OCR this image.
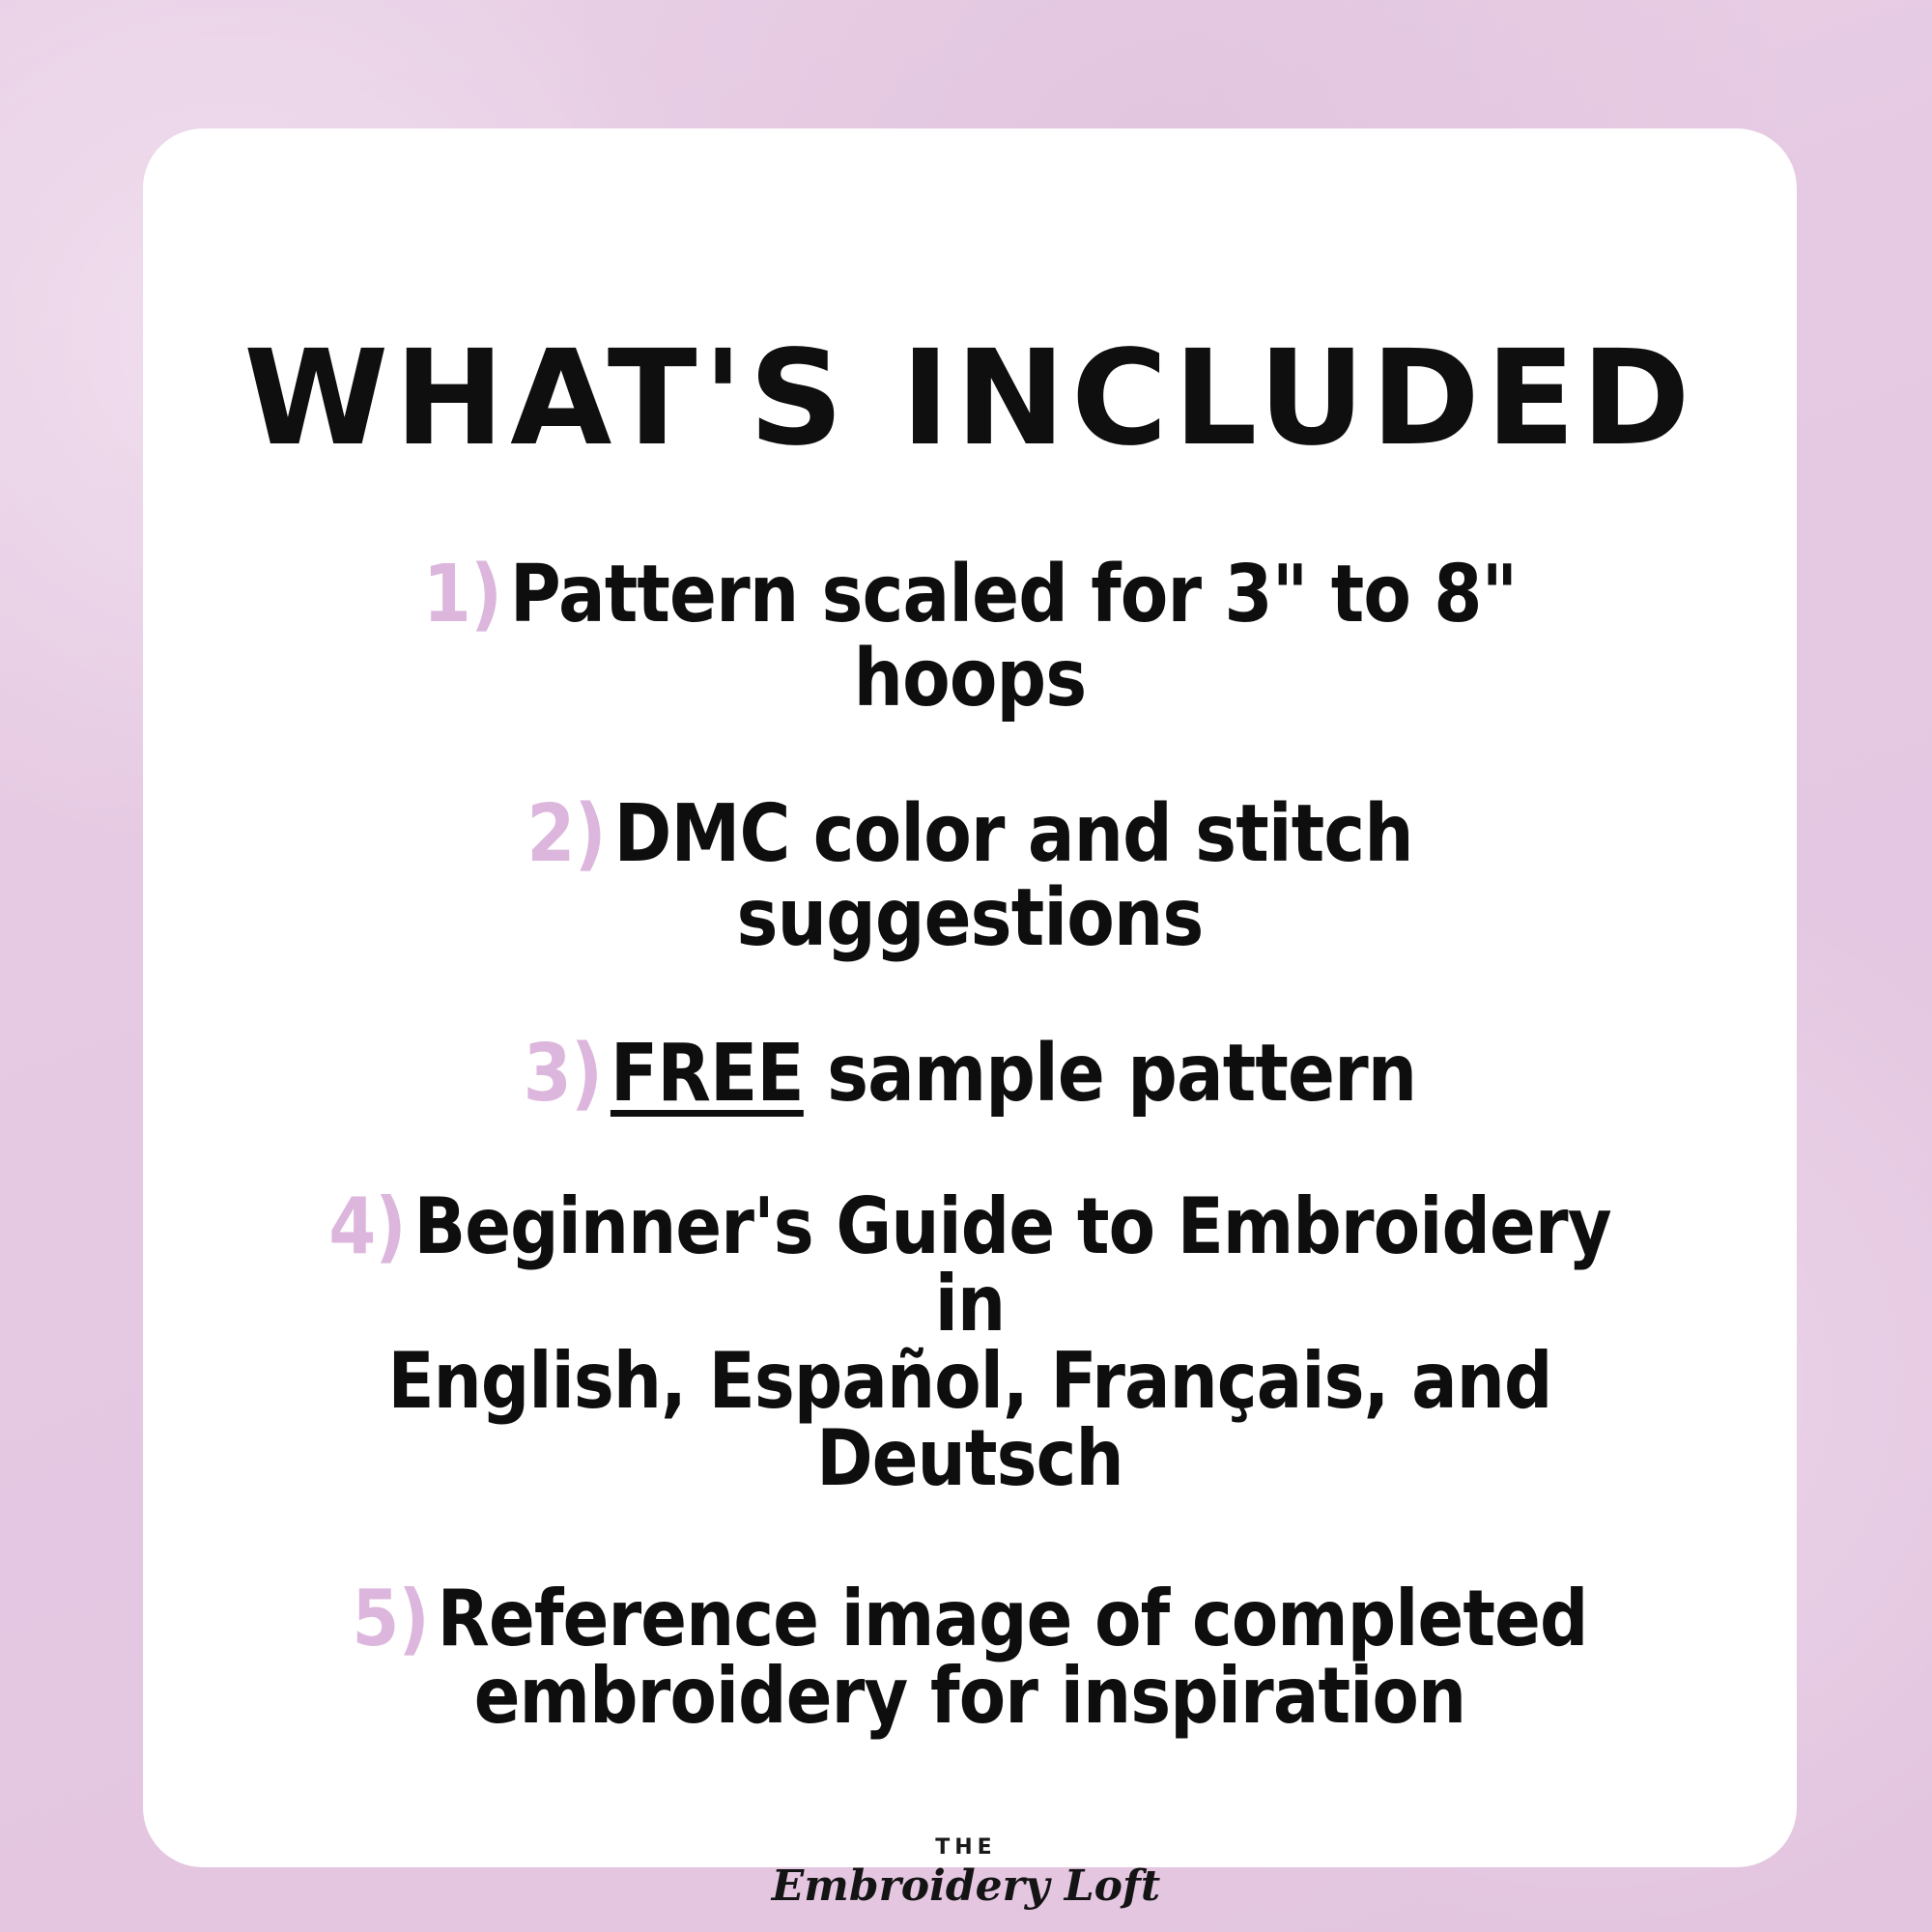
WHAT'S INCLUDED
1) Pattern scaled for 3" to 8" hoops
2) DMC color and stitch suggestions
3) FREE sample pattern
4) Beginner's Guide to Embroidery in
English, Español, Français, and Deutsch
5) Reference image of completed
embroidery for inspiration
THE
Embroidery Loft
